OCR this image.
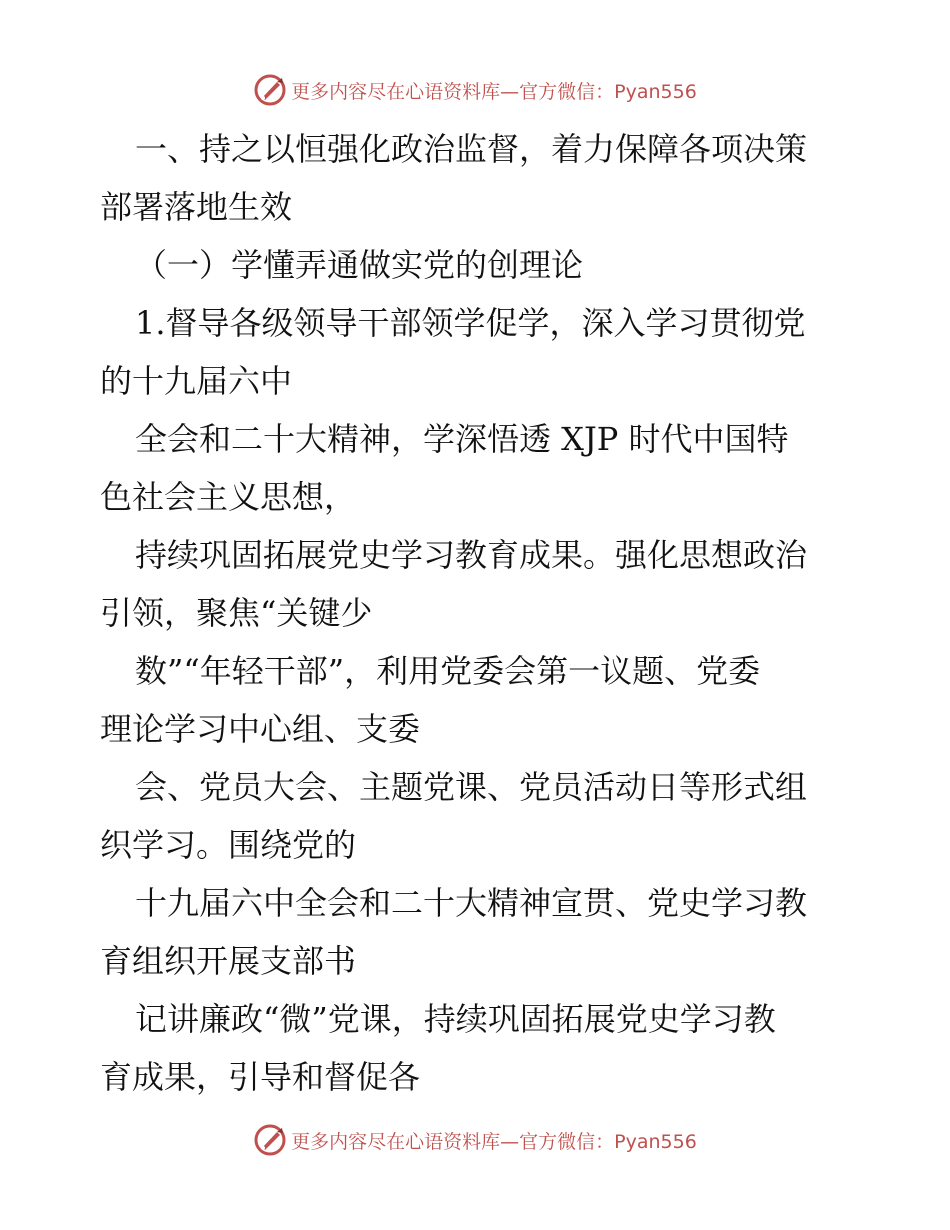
更多内容尽在心语资料库—官方微信：Pyan556
一、持之以恒强化政治监督，着力保障各项决策
部署落地生效
（一）学懂弄通做实党的创理论
1.督导各级领导干部领学促学，深入学习贯彻党
的十九届六中
全会和二十大精神，学深悟透 XJP 时代中国特
色社会主义思想，
持续巩固拓展党史学习教育成果。强化思想政治
引领，聚焦“关键少
数”“年轻干部”，利用党委会第一议题、党委
理论学习中心组、支委
会、党员大会、主题党课、党员活动日等形式组
织学习。围绕党的
十九届六中全会和二十大精神宣贯、党史学习教
育组织开展支部书
记讲廉政“微”党课，持续巩固拓展党史学习教
育成果，引导和督促各
更多内容尽在心语资料库—官方微信：Pyan556
